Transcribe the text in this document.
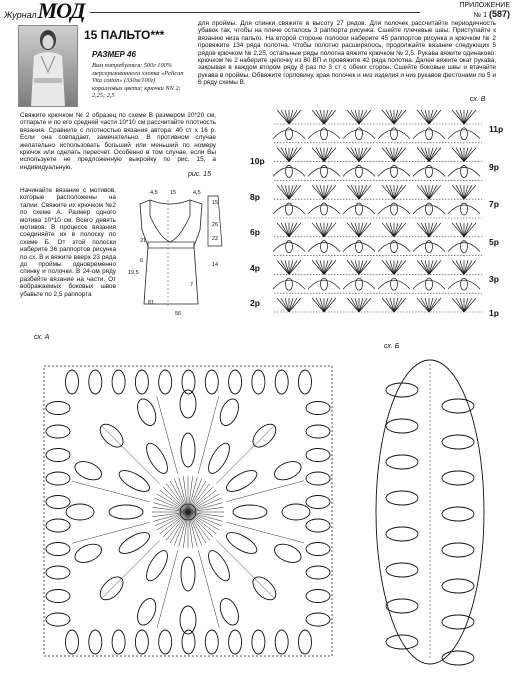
Журнал МОД	ПРИЛОЖЕНИЕ
№ 1 (587)
15 ПАЛЬТО***
РАЗМЕР 46
Вам потребуется: 500г 100% мерсеризованного хлопка «Pelican Vita cotton» (330м/100г) коралловых цвета; крючки NN 2; 2,25; 2,5
Свяжите крючком № 2 образец по схеме B размером 20*20 см, отпарьте и по его средней части 10*10 см рассчитайте плотность вязания. Сравните с плотностью вязания автора: 40 ст х 16 р. Если она совпадает, замечательно. В противном случае желательно использовать больший или меньший по номеру крючок или сделать пересчет. Особенно в том случае, если Вы используете не предложенную выкройку по рис. 15, а индивидуальную.
Начинайте вязание с мотивов, которые расположены на талии. Свяжите их крючком №2 по схеме А. Размер одного мотива 10*10 см. Всего девять мотивов. В процессе вязания соединяйте их в полоску по схеме Б. От этой полоски наберите 36 раппортов рисунка по сх. В и вяжите вверх 23 ряда до проймы одновременно спинку и полочки. В 24-ом ряду разбейте вязание на части. От вображаемых боковых швов убавьте по 2,5 раппорта
для проймы. Для спинки свяжите в высоту 27 рядов. Для полочек рассчитайте периодичность убавок так, чтобы на плече осталось 3 раппорта рисунка. Сшейте плечевые швы. Приступайте к вязанию низа пальто. На второй стороне полоски наберите 45 раппортов рисунка и крючком № 2 провяжите 134 ряда полотна. Чтобы полотно расширялось, продолжайте вязание следующих 5 рядов крючком № 2,25, остальные ряды полотна вяжите крючком № 2,5. Рукава вяжите одинаково: крючком № 2 наберите цепочку из 80 ВП и провяжите 42 ряда полотна. Далее вяжите окат рукава, закрывая в каждом втором ряду 8 раз по 3 ст с обеих сторон. Сшейте боковые швы и втачайте рукава в проймы. Обвяжите горловину, края полочек и низ изделия и низ рукавов фестонами по 5 и 6 ряду схемы В.
рис. 15
4,5 15	4,5
21
15
22
14
6
26
7
81
56
19,5
сх. В
11р
9р
7р
5р
3р
1р
10р
8р
6р
4р
2р
сх. А
сх. Б
